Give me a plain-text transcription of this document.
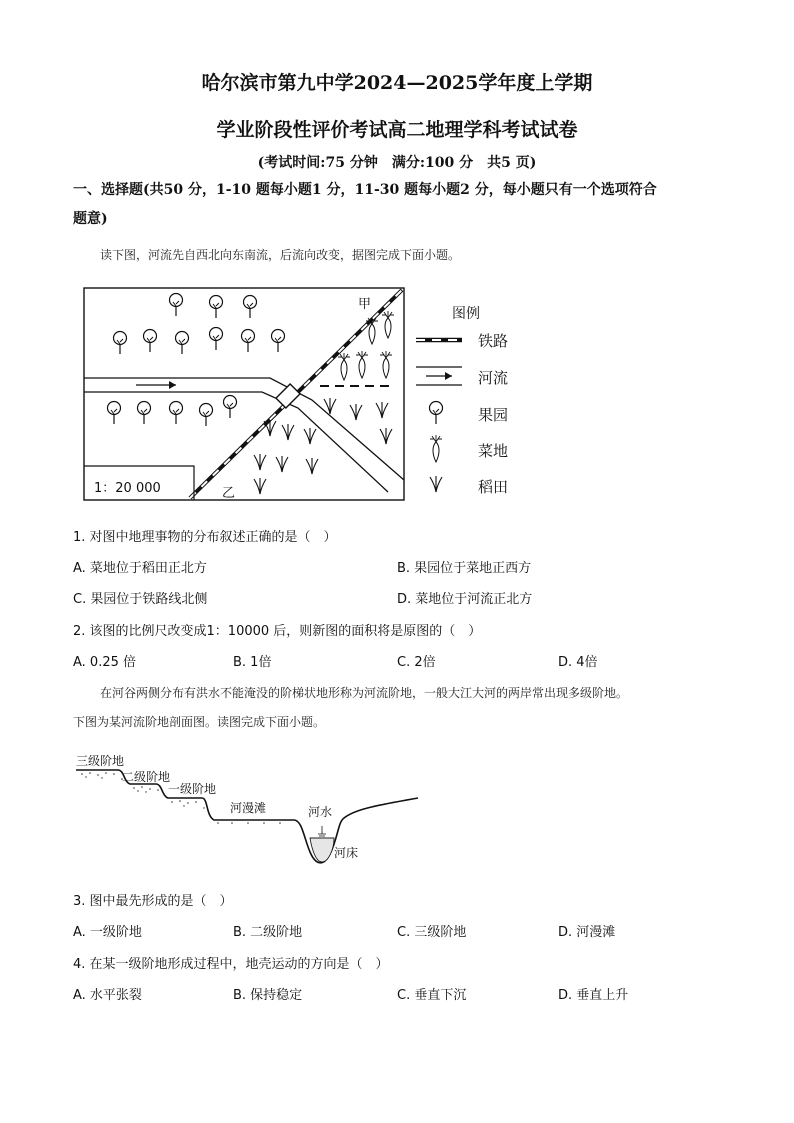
哈尔滨市第九中学2024—2025学年度上学期
学业阶段性评价考试高二地理学科考试试卷
(考试时间:75 分钟　满分:100 分　共5 页)
一、选择题(共50 分，1-10 题每小题1 分，11-30 题每小题2 分，每小题只有一个选项符合
题意)
读下图，河流先自西北向东南流，后流向改变，据图完成下面小题。
1：20 000
甲
乙
图例
铁路
河流
果园
菜地
稻田
1. 对图中地理事物的分布叙述正确的是（　）
A. 菜地位于稻田正北方	B. 果园位于菜地正西方
C. 果园位于铁路线北侧	D. 菜地位于河流正北方
2. 该图的比例尺改变成1：10000 后，则新图的面积将是原图的（　）
A. 0.25 倍	B. 1倍	C. 2倍	D. 4倍
在河谷两侧分布有洪水不能淹没的阶梯状地形称为河流阶地，一般大江大河的两岸常出现多级阶地。
下图为某河流阶地剖面图。读图完成下面小题。
三级阶地
二级阶地
一级阶地
河漫滩	河水
河床
3. 图中最先形成的是（　）
A. 一级阶地	B. 二级阶地	C. 三级阶地	D. 河漫滩
4. 在某一级阶地形成过程中，地壳运动的方向是（　）
A. 水平张裂	B. 保持稳定	C. 垂直下沉	D. 垂直上升
